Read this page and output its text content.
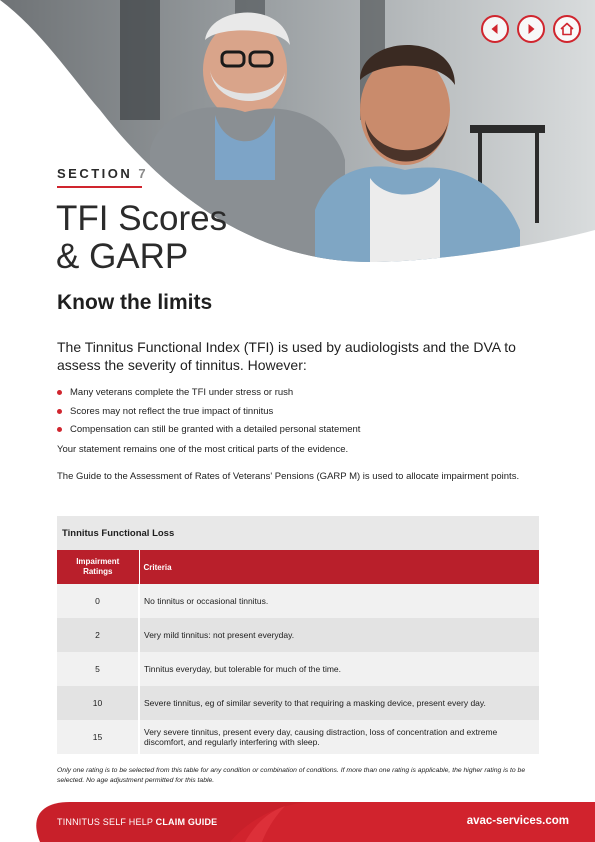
SECTION 7
TFI Scores
& GARP
Know the limits

The Tinnitus Functional Index (TFI) is used by audiologists and the DVA to assess the severity of tinnitus. However:

Many veterans complete the TFI under stress or rush
Scores may not reflect the true impact of tinnitus
Compensation can still be granted with a detailed personal statement

Your statement remains one of the most critical parts of the evidence.

The Guide to the Assessment of Rates of Veterans' Pensions (GARP M) is used to allocate impairment points.

Tinnitus Functional Loss
Impairment
Ratings	Criteria
0	No tinnitus or occasional tinnitus.
2	Very mild tinnitus: not present everyday.
5	Tinnitus everyday, but tolerable for much of the time.
10	Severe tinnitus, eg of similar severity to that requiring a masking device, present every day.
15	Very severe tinnitus, present every day, causing distraction, loss of concentration and extreme discomfort, and regularly interfering with sleep.

Only one rating is to be selected from this table for any condition or combination of conditions. If more than one rating is applicable, the higher rating is to be selected. No age adjustment permitted for this table.

TINNITUS SELF HELP CLAIM GUIDE	avac-services.com
